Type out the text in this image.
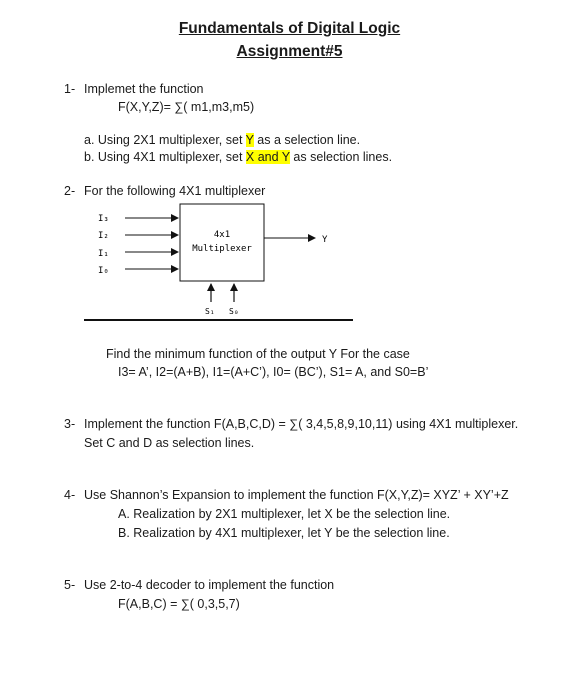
Fundamentals of Digital Logic
Assignment#5
1- Implemet the function
F(X,Y,Z)= ∑( m1,m3,m5)
a. Using 2X1 multiplexer, set Y as a selection line.
b. Using 4X1 multiplexer, set X and Y as selection lines.
2- For the following 4X1 multiplexer
I₃
I₂
I₁
I₀
4x1
Multiplexer
Y
S₁ S₀
Find the minimum function of the output Y For the case
I3= A’, I2=(A+B), I1=(A+C’), I0= (BC’), S1= A, and S0=B’
3- Implement the function F(A,B,C,D) = ∑( 3,4,5,8,9,10,11) using 4X1 multiplexer.
Set C and D as selection lines.
4- Use Shannon’s Expansion to implement the function F(X,Y,Z)= XYZ’ + XY’+Z
A. Realization by 2X1 multiplexer, let X be the selection line.
B. Realization by 4X1 multiplexer, let Y be the selection line.
5- Use 2-to-4 decoder to implement the function
F(A,B,C) = ∑( 0,3,5,7)
